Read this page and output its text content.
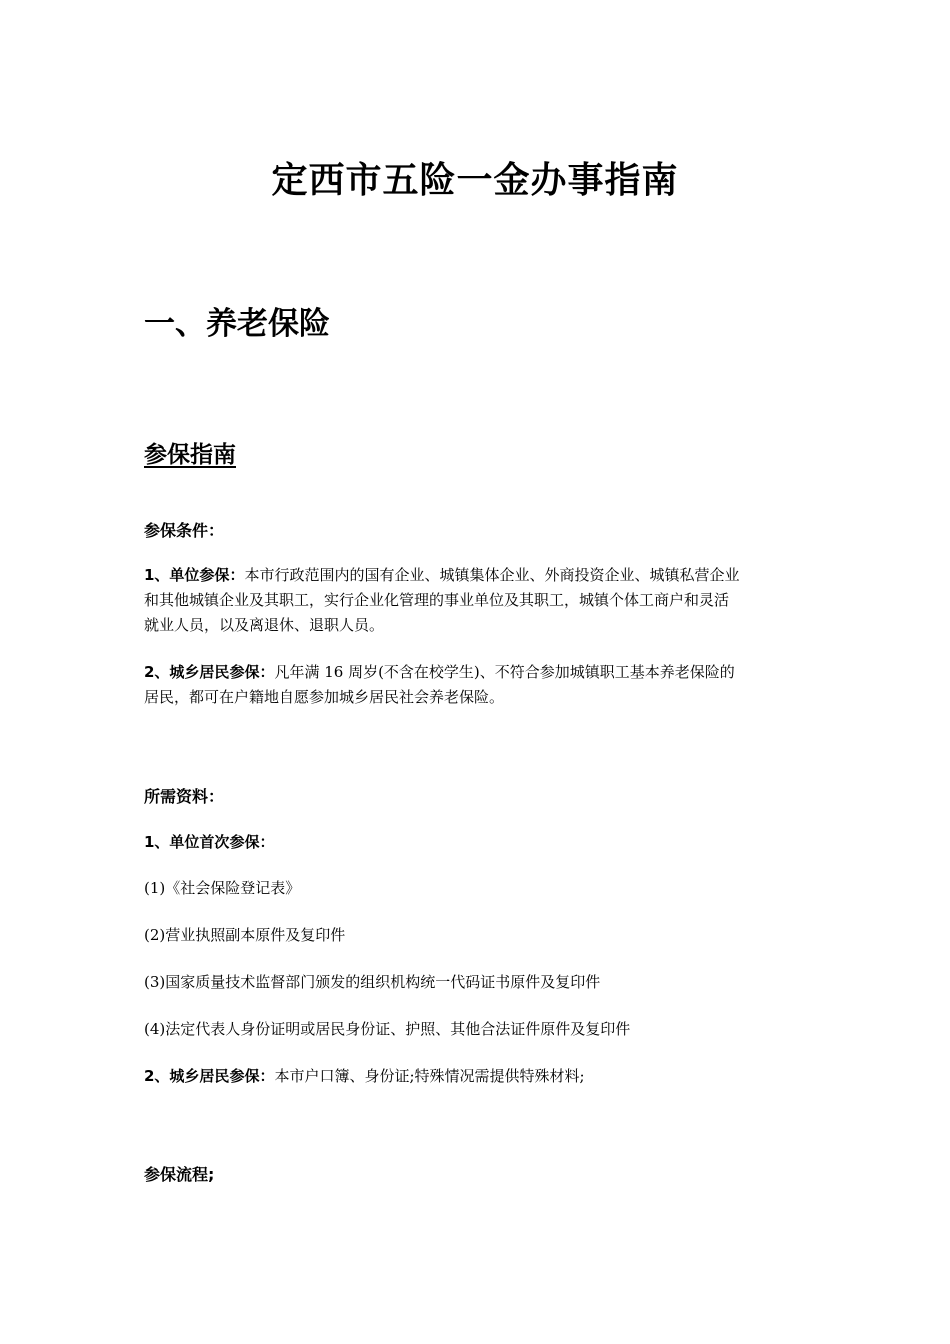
定西市五险一金办事指南
一、养老保险
参保指南

参保条件：

1、单位参保：本市行政范围内的国有企业、城镇集体企业、外商投资企业、城镇私营企业
和其他城镇企业及其职工，实行企业化管理的事业单位及其职工，城镇个体工商户和灵活
就业人员，以及离退休、退职人员。
2、城乡居民参保：凡年满 16 周岁(不含在校学生)、不符合参加城镇职工基本养老保险的
居民，都可在户籍地自愿参加城乡居民社会养老保险。

所需资料：

1、单位首次参保：

(1)《社会保险登记表》

(2)营业执照副本原件及复印件

(3)国家质量技术监督部门颁发的组织机构统一代码证书原件及复印件

(4)法定代表人身份证明或居民身份证、护照、其他合法证件原件及复印件

2、城乡居民参保：本市户口簿、身份证;特殊情况需提供特殊材料;

参保流程;
